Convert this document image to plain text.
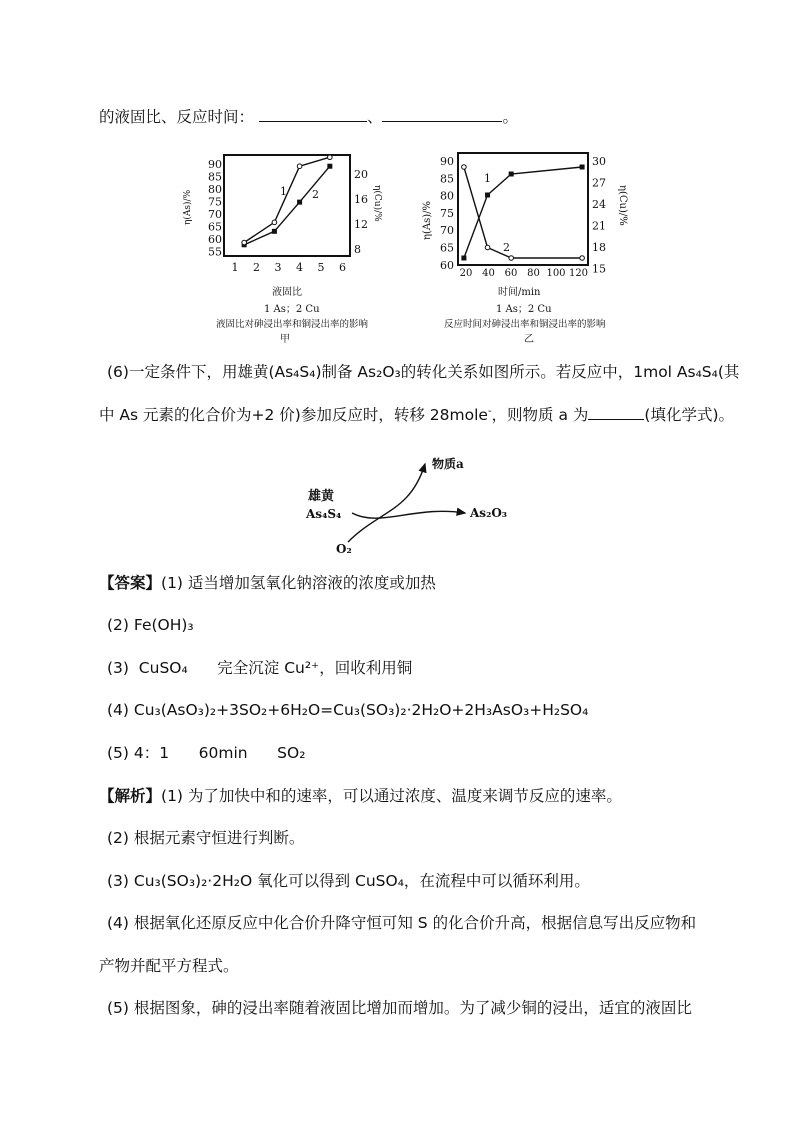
的液固比、反应时间：	、	。
η(As)/%	η(Cu)/%
90
85
80
75
70
65
60
55
20
16
12
8
1 2 3 4 5 6
1 2
液固比
1 As；2 Cu
液固比对砷浸出率和铜浸出率的影响
甲
η(As)/%	η(Cu)/%
90
85
80
75
70
65
60
30
27
24
21
18
15
20 40 60 80 100 120
1
2
时间/min
1 As；2 Cu
反应时间对砷浸出率和铜浸出率的影响
乙
(6)一定条件下，用雄黄(As₄S₄)制备 As₂O₃的转化关系如图所示。若反应中，1mol As₄S₄(其
中 As 元素的化合价为+2 价)参加反应时，转移 28mole-，则物质 a 为	(填化学式)。
物质a
雄黄
As₄S₄	As₂O₃
O₂
【答案】(1) 适当增加氢氧化钠溶液的浓度或加热
(2) Fe(OH)₃
(3)  CuSO₄      完全沉淀 Cu²⁺，回收利用铜
(4) Cu₃(AsO₃)₂+3SO₂+6H₂O=Cu₃(SO₃)₂·2H₂O+2H₃AsO₃+H₂SO₄
(5) 4：1      60min      SO₂
【解析】(1) 为了加快中和的速率，可以通过浓度、温度来调节反应的速率。
(2) 根据元素守恒进行判断。
(3) Cu₃(SO₃)₂·2H₂O 氧化可以得到 CuSO₄，在流程中可以循环利用。
(4) 根据氧化还原反应中化合价升降守恒可知 S 的化合价升高，根据信息写出反应物和
产物并配平方程式。
(5) 根据图象，砷的浸出率随着液固比增加而增加。为了减少铜的浸出，适宜的液固比
